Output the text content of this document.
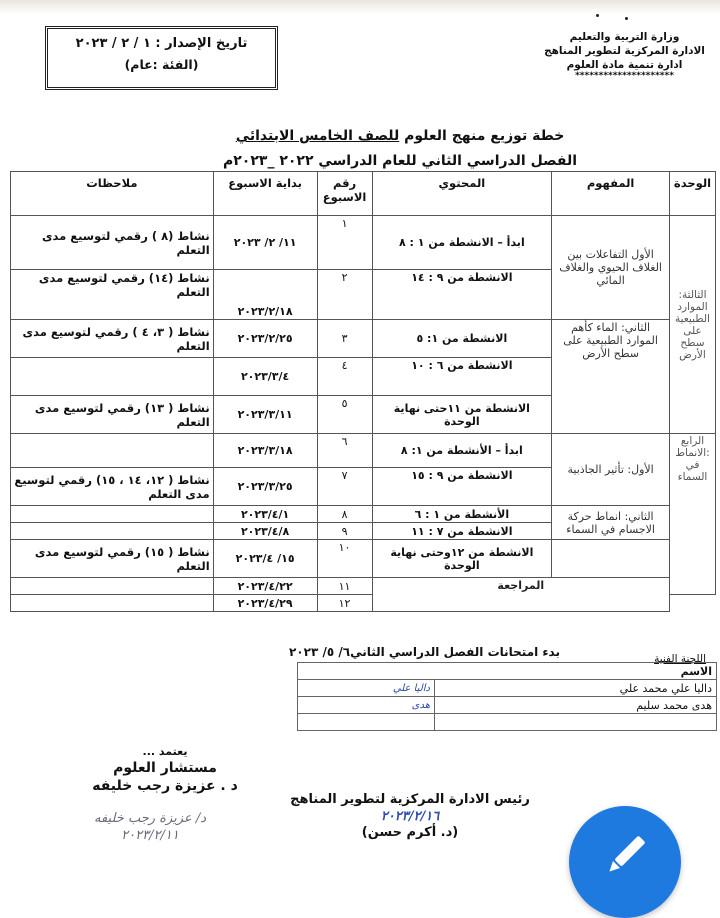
تاريخ الإصدار : ١ / ٢ / ٢٠٢٣
(الفئة :عام)
وزارة التربية والتعليم
الادارة المركزية لتطوير المناهج
ادارة تنمية مادة العلوم
*********************
خطة توزيع منهج العلوم للصف الخامس الابتدائي
الفصل الدراسي الثاني للعام الدراسي ٢٠٢٢ _٢٠٢٣م
الوحدة	المفهوم	المحتوي	رقم الاسبوع	بداية الاسبوع	ملاحظات
الثالثة: الموارد الطبيعية على سطح الأرض	الأول التفاعلات بين الغلاف الحيوي والغلاف المائي	ابدأ – الانشطة من ١ : ٨	١	١١/ ٢/ ٢٠٢٣	نشاط (٨ ) رقمي لتوسيع مدى التعلم
		الانشطة من ٩ : ١٤	٢	٢٠٢٣/٢/١٨	نشاط (١٤) رقمي لتوسيع مدى التعلم
	الثاني: الماء كأهم الموارد الطبيعية على سطح الأرض	الانشطة من ١: ٥	٣	٢٠٢٣/٢/٢٥	نشاط ( ٣، ٤ ) رقمي لتوسيع مدى التعلم
		الانشطة من ٦ : ١٠	٤	٢٠٢٣/٣/٤	
		الانشطة من ١١حتى نهاية الوحدة	٥	٢٠٢٣/٣/١١	نشاط ( ١٣) رقمي لتوسيع مدى التعلم
الرابع :الانماط في السماء	الأول: تأثير الجاذبية	ابدأ – الأنشطة من ١: ٨	٦	٢٠٢٣/٣/١٨	
		الانشطة من ٩ : ١٥	٧	٢٠٢٣/٣/٢٥	نشاط ( ١٢، ١٤ ، ١٥) رقمي لتوسيع مدى التعلم
	الثاني: انماط حركة الاجسام في السماء	الأنشطة من ١ : ٦	٨	٢٠٢٣/٤/١	
		الانشطة من ٧ : ١١	٩	٢٠٢٣/٤/٨	
		الانشطة من ١٢وحتى نهاية الوحدة	١٠	١٥/ ٢٠٢٣/٤	نشاط ( ١٥) رقمي لتوسيع مدى التعلم
	المراجعة		١١	٢٠٢٣/٤/٢٢	
			١٢	٢٠٢٣/٤/٢٩	
بدء امتحانات الفصل الدراسي الثاني٦/ ٥/ ٢٠٢٣	اللجنة الفنية
الاسم	
داليا علي محمد علي	داليا علي
هدى محمد سليم	هدى

يعتمد ...
مستشار العلوم
د . عزيزة رجب خليفه
د/ عزيزة رجب خليفه ٢٠٢٣/٢/١١
رئيس الادارة المركزية لتطوير المناهج
٢٠٢٣/٢/١٦
(د. أكرم حسن)
